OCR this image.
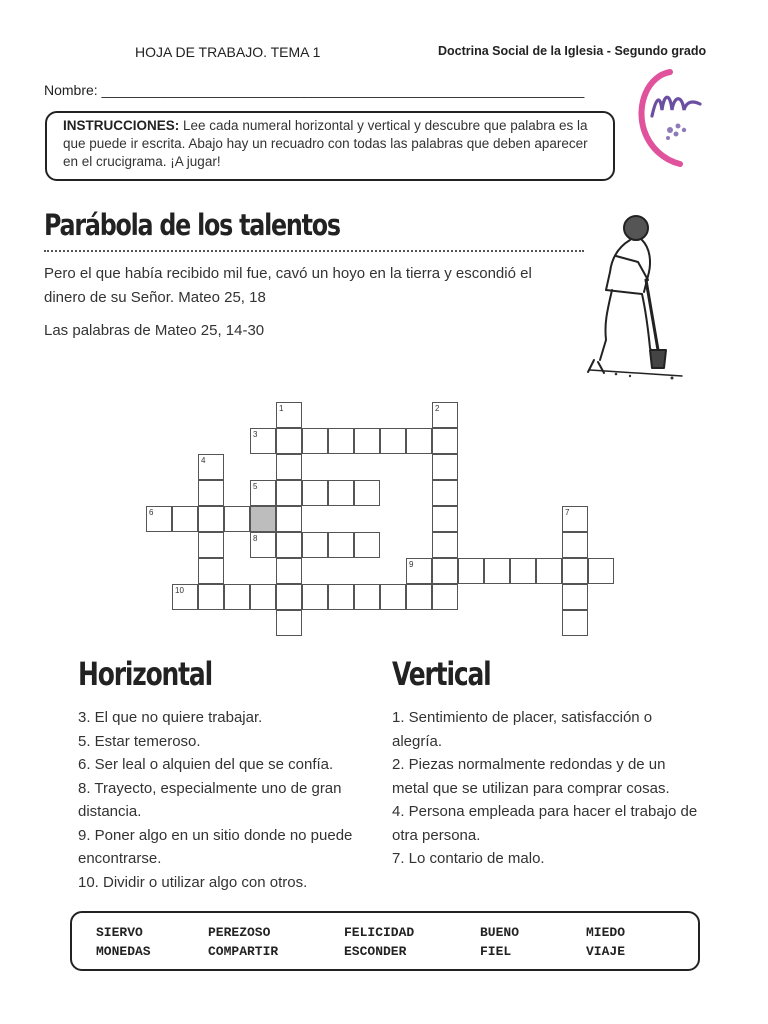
HOJA DE TRABAJO. TEMA 1	Doctrina Social de la Iglesia - Segundo grado
Nombre: ______________________________________________________________
INSTRUCCIONES: Lee cada numeral horizontal y vertical y descubre que palabra es la que puede ir escrita. Abajo hay un recuadro con todas las palabras que deben aparecer en el crucigrama. ¡A jugar!
Parábola de los talentos
Pero el que había recibido mil fue, cavó un hoyo en la tierra y escondió el dinero de su Señor. Mateo 25, 18
Las palabras de Mateo 25, 14-30
1	2
3
4
5
6	7
8
9
10
Horizontal	Vertical

3. El que no quiere trabajar.

5. Estar temeroso.

6. Ser leal o alquien del que se confía.

8. Trayecto, especialmente uno de gran distancia.

9. Poner algo en un sitio donde no puede encontrarse.

10. Dividir o utilizar algo con otros.

1. Sentimiento de placer, satisfacción o alegría.

2. Piezas normalmente redondas y de un metal que se utilizan para comprar cosas.

4. Persona empleada para hacer el trabajo de otra persona.

7. Lo contario de malo.

SIERVO	PEREZOSO	FELICIDAD	BUENO	MIEDO
MONEDAS	COMPARTIR	ESCONDER	FIEL	VIAJE
